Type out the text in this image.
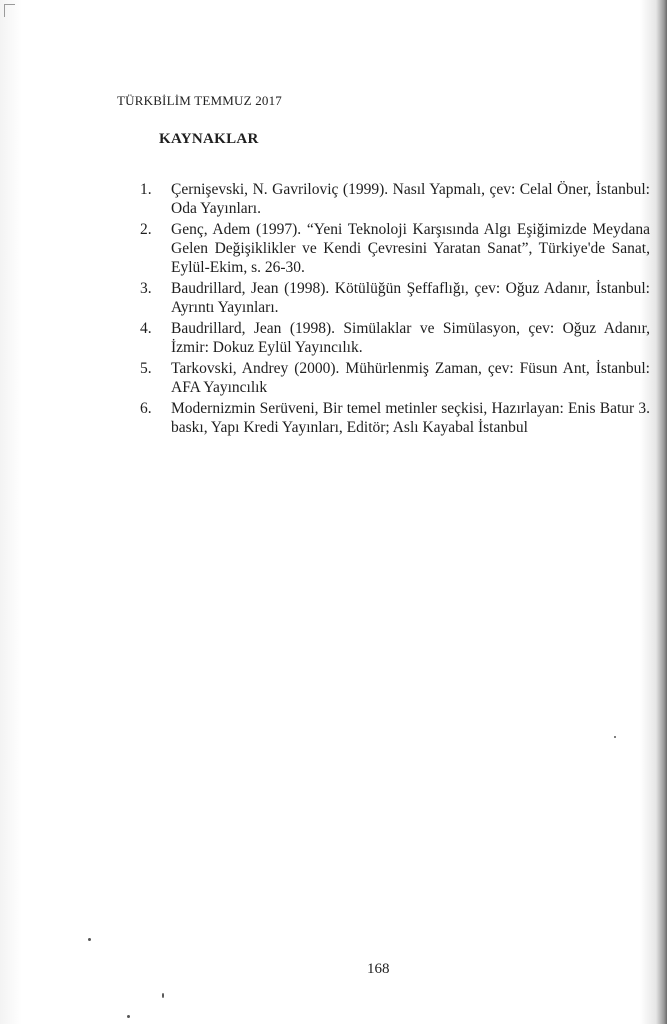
TÜRKBİLİM TEMMUZ 2017
KAYNAKLAR
1. Çernişevski, N. Gavriloviç (1999). Nasıl Yapmalı, çev: Celal Öner, İstanbul: Oda Yayınları.
2. Genç, Adem (1997). “Yeni Teknoloji Karşısında Algı Eşiğimizde Meydana Gelen Değişiklikler ve Kendi Çevresini Yaratan Sanat”, Türkiye'de Sanat, Eylül-Ekim, s. 26-30.
3. Baudrillard, Jean (1998). Kötülüğün Şeffaflığı, çev: Oğuz Adanır, İstanbul: Ayrıntı Yayınları.
4. Baudrillard, Jean (1998). Simülaklar ve Simülasyon, çev: Oğuz Adanır, İzmir: Dokuz Eylül Yayıncılık.
5. Tarkovski, Andrey (2000). Mühürlenmiş Zaman, çev: Füsun Ant, İstanbul: AFA Yayıncılık
6. Modernizmin Serüveni, Bir temel metinler seçkisi, Hazırlayan: Enis Batur 3. baskı, Yapı Kredi Yayınları, Editör; Aslı Kayabal İstanbul
168
